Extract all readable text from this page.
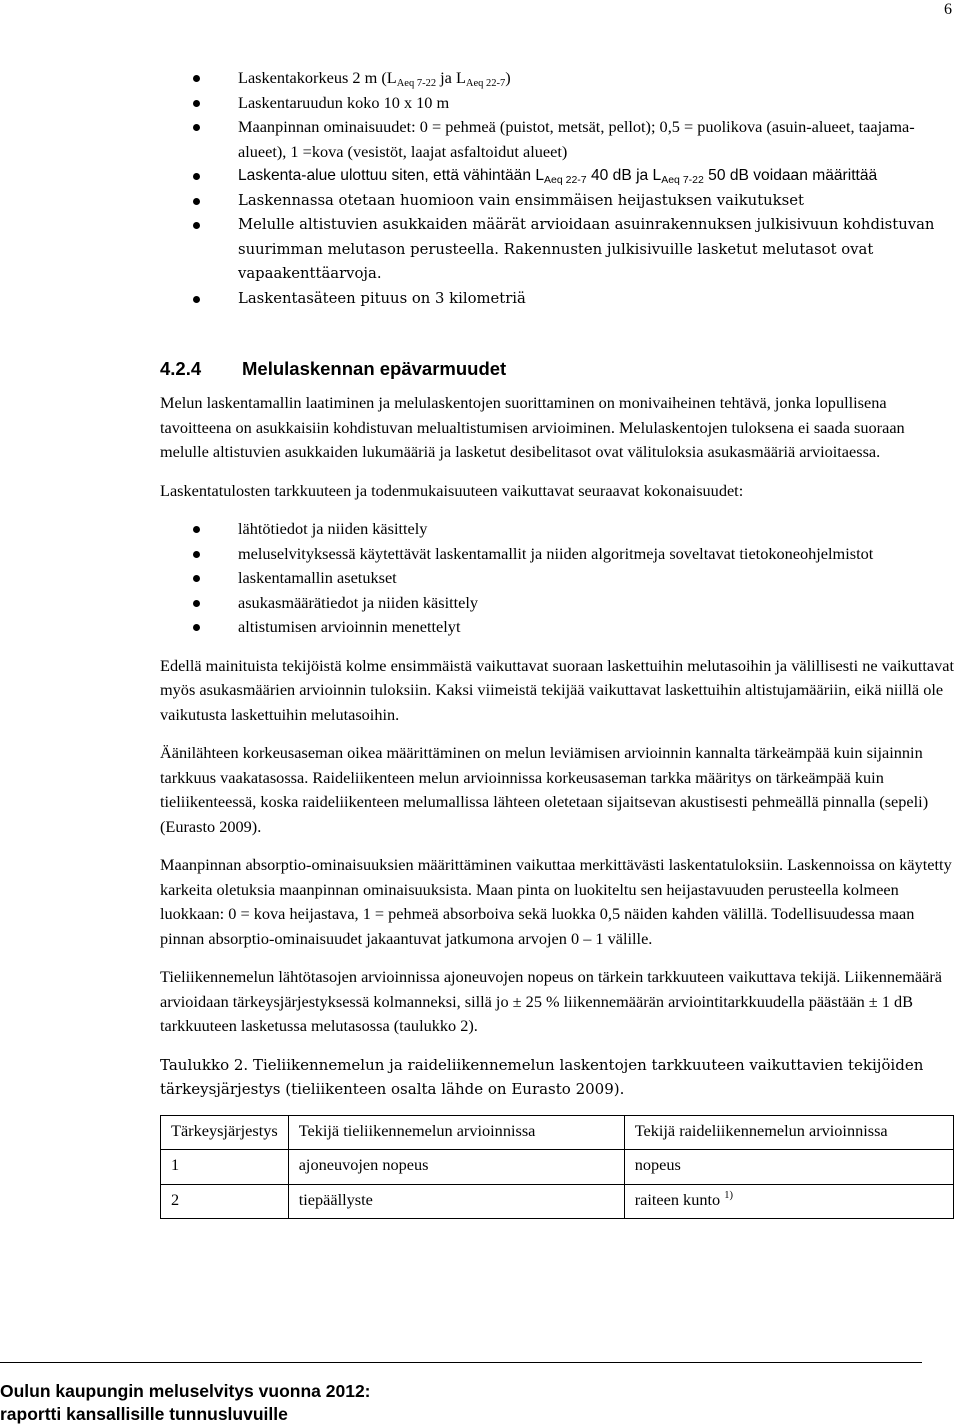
6
Laskentakorkeus 2 m ($L_{Aeq 7-22}$ ja $L_{Aeq 22-7}$)
Laskentaruudun koko 10 x 10 m
Maanpinnan ominaisuudet: 0 = pehmeä (puistot, metsät, pellot); 0,5 = puolikova (asuin-alueet, taajama-alueet), 1 =kova (vesistöt, laajat asfaltoidut alueet)
Laskenta-alue ulottuu siten, että vähintään $L_{Aeq 22-7}$ 40 dB ja $L_{Aeq 7-22}$ 50 dB voidaan määrittää
Laskennassa otetaan huomioon vain ensimmäisen heijastuksen vaikutukset
Melulle altistuvien asukkaiden määrät arvioidaan asuinrakennuksen julkisivuun kohdistuvan suurimman melutason perusteella. Rakennusten julkisivuille lasketut melutasot ovat vapaakenttäarvoja.
Laskentasäteen pituus on 3 kilometriä
4.2.4 Melulaskennan epävarmuudet

Melun laskentamallin laatiminen ja melulaskentojen suorittaminen on monivaiheinen tehtävä, jonka lopullisena tavoitteena on asukkaisiin kohdistuvan melualtistumisen arvioiminen. Melulaskentojen tuloksena ei saada suoraan melulle altistuvien asukkaiden lukumääriä ja lasketut desibelitasot ovat välituloksia asukasmääriä arvioitaessa.

Laskentatulosten tarkkuuteen ja todenmukaisuuteen vaikuttavat seuraavat kokonaisuudet:

lähtötiedot ja niiden käsittely
meluselvityksessä käytettävät laskentamallit ja niiden algoritmeja soveltavat tietokoneohjelmistot
laskentamallin asetukset
asukasmäärätiedot ja niiden käsittely
altistumisen arvioinnin menettelyt

Edellä mainituista tekijöistä kolme ensimmäistä vaikuttavat suoraan laskettuihin melutasoihin ja välillisesti ne vaikuttavat myös asukasmäärien arvioinnin tuloksiin. Kaksi viimeistä tekijää vaikuttavat laskettuihin altistujamääriin, eikä niillä ole vaikutusta laskettuihin melutasoihin.

Äänilähteen korkeusaseman oikea määrittäminen on melun leviämisen arvioinnin kannalta tärkeämpää kuin sijainnin tarkkuus vaakatasossa. Raideliikenteen melun arvioinnissa korkeusaseman tarkka määritys on tärkeämpää kuin tieliikenteessä, koska raideliikenteen melumallissa lähteen oletetaan sijaitsevan akustisesti pehmeällä pinnalla (sepeli) (Eurasto 2009).

Maanpinnan absorptio-ominaisuuksien määrittäminen vaikuttaa merkittävästi laskentatuloksiin. Laskennoissa on käytetty karkeita oletuksia maanpinnan ominaisuuksista. Maan pinta on luokiteltu sen heijastavuuden perusteella kolmeen luokkaan: 0 = kova heijastava, 1 = pehmeä absorboiva sekä luokka 0,5 näiden kahden välillä. Todellisuudessa maan pinnan absorptio-ominaisuudet jakaantuvat jatkumona arvojen 0 – 1 välille.

Tieliikennemelun lähtötasojen arvioinnissa ajoneuvojen nopeus on tärkein tarkkuuteen vaikuttava tekijä. Liikennemäärä arvioidaan tärkeysjärjestyksessä kolmanneksi, sillä jo ± 25 % liikennemäärän arviointitarkkuudella päästään ± 1 dB tarkkuuteen lasketussa melutasossa (taulukko 2).

Taulukko 2. Tieliikennemelun ja raideliikennemelun laskentojen tarkkuuteen vaikuttavien tekijöiden tärkeysjärjestys (tieliikenteen osalta lähde on Eurasto 2009).
Tärkeysjärjestys	Tekijä tieliikennemelun arvioinnissa	Tekijä raideliikennemelun arvioinnissa
1	ajoneuvojen nopeus	nopeus
2	tiepäällyste	raiteen kunto $^{1)}$
Oulun kaupungin meluselvitys vuonna 2012:
raportti kansallisille tunnusluvuille
